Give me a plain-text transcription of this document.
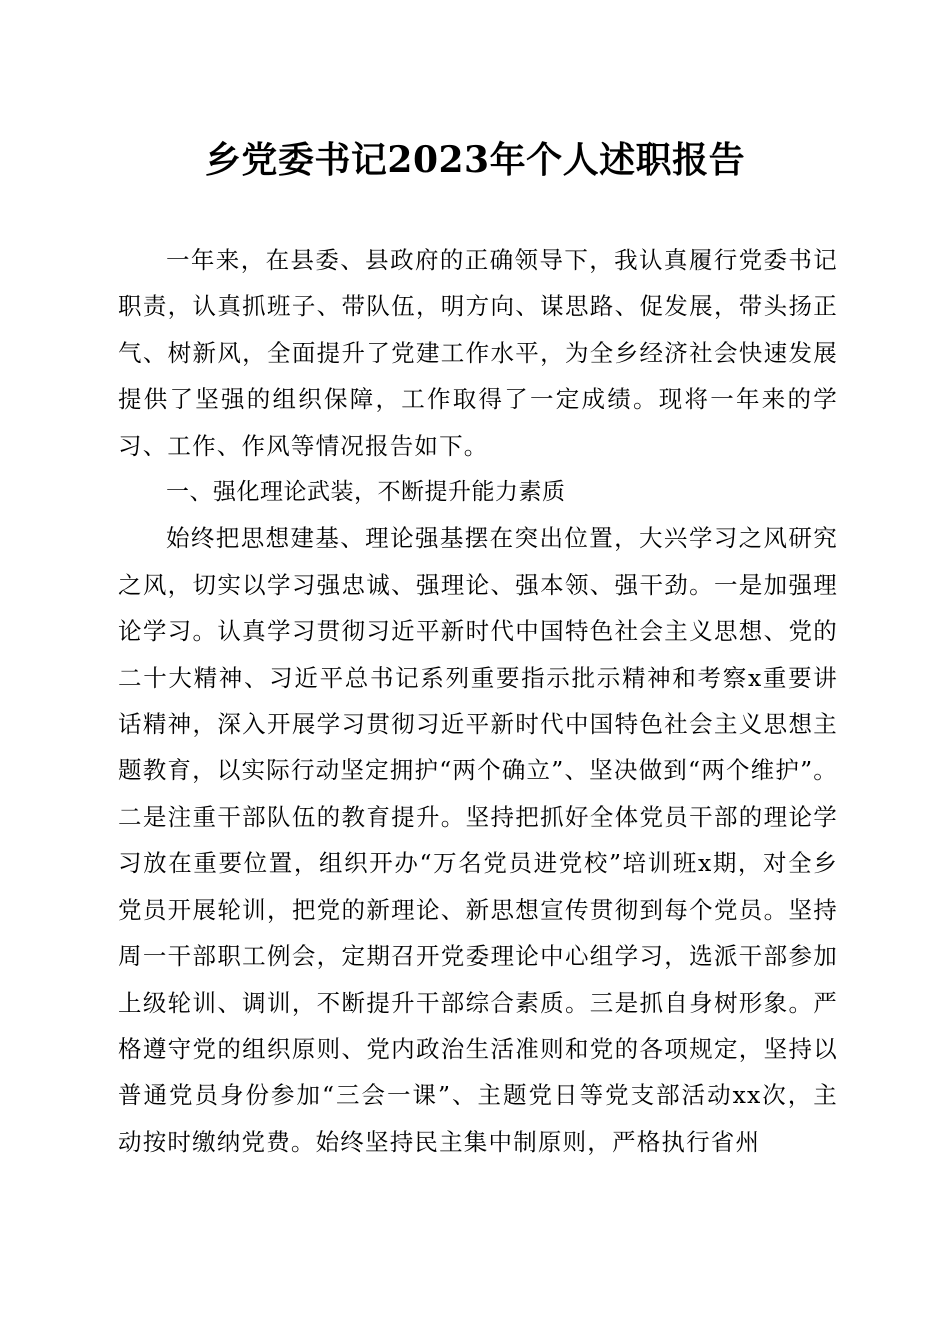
乡党委书记2023年个人述职报告

一年来，在县委、县政府的正确领导下，我认真履行党委书记职责，认真抓班子、带队伍，明方向、谋思路、促发展，带头扬正气、树新风，全面提升了党建工作水平，为全乡经济社会快速发展提供了坚强的组织保障，工作取得了一定成绩。现将一年来的学习、工作、作风等情况报告如下。

一、强化理论武装，不断提升能力素质

始终把思想建基、理论强基摆在突出位置，大兴学习之风研究之风，切实以学习强忠诚、强理论、强本领、强干劲。一是加强理论学习。认真学习贯彻习近平新时代中国特色社会主义思想、党的二十大精神、习近平总书记系列重要指示批示精神和考察x重要讲话精神，深入开展学习贯彻习近平新时代中国特色社会主义思想主题教育，以实际行动坚定拥护“两个确立”、坚决做到“两个维护”。二是注重干部队伍的教育提升。坚持把抓好全体党员干部的理论学习放在重要位置，组织开办“万名党员进党校”培训班x期，对全乡党员开展轮训，把党的新理论、新思想宣传贯彻到每个党员。坚持周一干部职工例会，定期召开党委理论中心组学习，选派干部参加上级轮训、调训，不断提升干部综合素质。三是抓自身树形象。严格遵守党的组织原则、党内政治生活准则和党的各项规定，坚持以普通党员身份参加“三会一课”、主题党日等党支部活动xx次，主动按时缴纳党费。始终坚持民主集中制原则，严格执行省州
